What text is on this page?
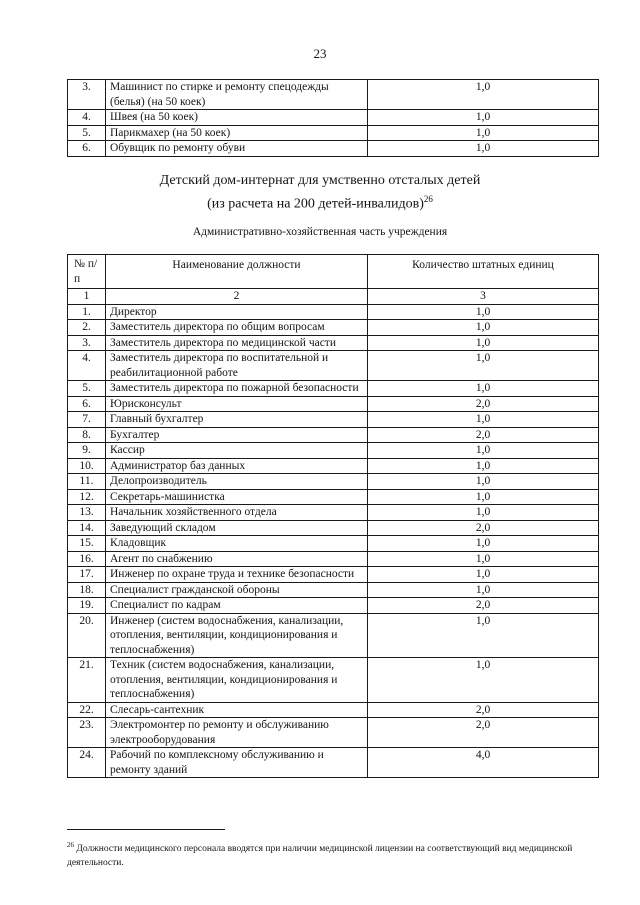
23
3.	Машинист по стирке и ремонту спецодежды (белья) (на 50 коек)	1,0
4.	Швея (на 50 коек)	1,0
5.	Парикмахер (на 50 коек)	1,0
6.	Обувщик по ремонту обуви	1,0
Детский дом-интернат для умственно отсталых детей
(из расчета на 200 детей-инвалидов)$^{26}$
Административно-хозяйственная часть учреждения
№ п/п	Наименование должности	Количество штатных единиц
1	2	3
1.	Директор	1,0
2.	Заместитель директора по общим вопросам	1,0
3.	Заместитель директора по медицинской части	1,0
4.	Заместитель директора по воспитательной и реабилитационной работе	1,0
5.	Заместитель директора по пожарной безопасности	1,0
6.	Юрисконсульт	2,0
7.	Главный бухгалтер	1,0
8.	Бухгалтер	2,0
9.	Кассир	1,0
10.	Администратор баз данных	1,0
11.	Делопроизводитель	1,0
12.	Секретарь-машинистка	1,0
13.	Начальник хозяйственного отдела	1,0
14.	Заведующий складом	2,0
15.	Кладовщик	1,0
16.	Агент по снабжению	1,0
17.	Инженер по охране труда и технике безопасности	1,0
18.	Специалист гражданской обороны	1,0
19.	Специалист по кадрам	2,0
20.	Инженер (систем водоснабжения, канализации, отопления, вентиляции, кондиционирования и теплоснабжения)	1,0
21.	Техник (систем водоснабжения, канализации, отопления, вентиляции, кондиционирования и теплоснабжения)	1,0
22.	Слесарь-сантехник	2,0
23.	Электромонтер по ремонту и обслуживанию электрооборудования	2,0
24.	Рабочий по комплексному обслуживанию и ремонту зданий	4,0
$^{26}$ Должности медицинского персонала вводятся при наличии медицинской лицензии на соответствующий вид медицинской деятельности.
